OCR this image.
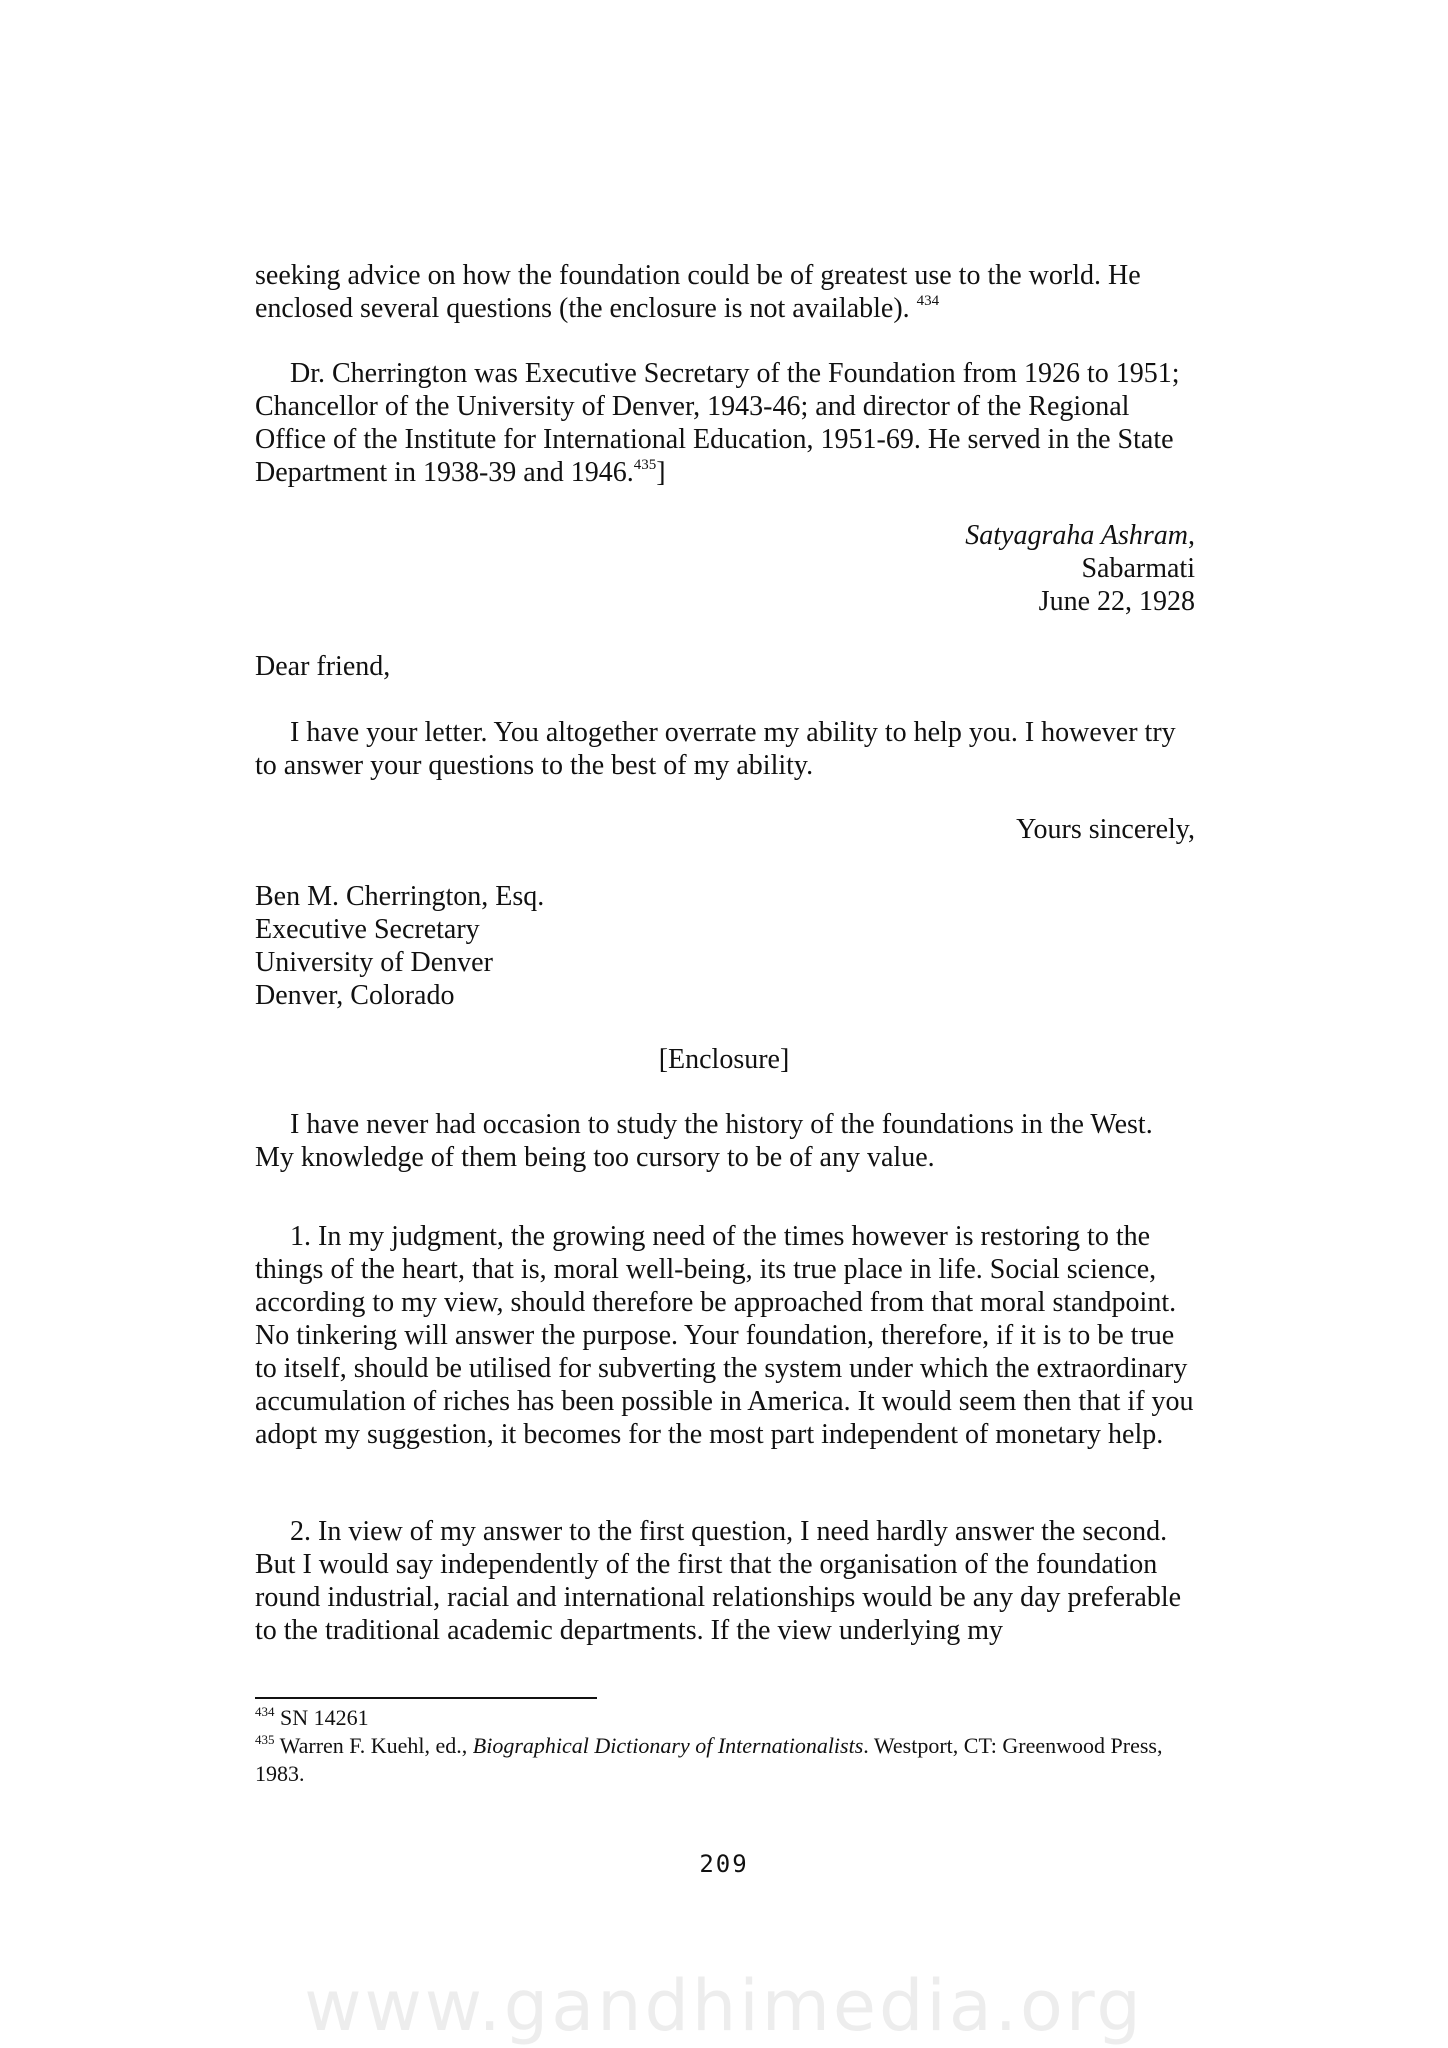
seeking advice on how the foundation could be of greatest use to the world. He

enclosed several questions (the enclosure is not available). $^{434}$

Dr. Cherrington was Executive Secretary of the Foundation from 1926 to 1951; Chancellor of the University of Denver, 1943-46; and director of the Regional Office of the Institute for International Education, 1951-69. He served in the State Department in 1938-39 and 1946.$^{435}$]

Satyagraha Ashram,
Sabarmati
June 22, 1928
Dear friend,

I have your letter. You altogether overrate my ability to help you. I however try to answer your questions to the best of my ability.

Yours sincerely,
Ben M. Cherrington, Esq.
Executive Secretary
University of Denver
Denver, Colorado
[Enclosure]

I have never had occasion to study the history of the foundations in the West. My knowledge of them being too cursory to be of any value.

1. In my judgment, the growing need of the times however is restoring to the things of the heart, that is, moral well-being, its true place in life. Social science, according to my view, should therefore be approached from that moral standpoint. No tinkering will answer the purpose. Your foundation, therefore, if it is to be true to itself, should be utilised for subverting the system under which the extraordinary accumulation of riches has been possible in America. It would seem then that if you adopt my suggestion, it becomes for the most part independent of monetary help.

2. In view of my answer to the first question, I need hardly answer the second. But I would say independently of the first that the organisation of the foundation round industrial, racial and international relationships would be any day preferable to the traditional academic departments. If the view underlying my

$^{434}$ SN 14261
$^{435}$ Warren F. Kuehl, ed., Biographical Dictionary of Internationalists. Westport, CT: Greenwood Press, 1983.
209
www.gandhimedia.org
